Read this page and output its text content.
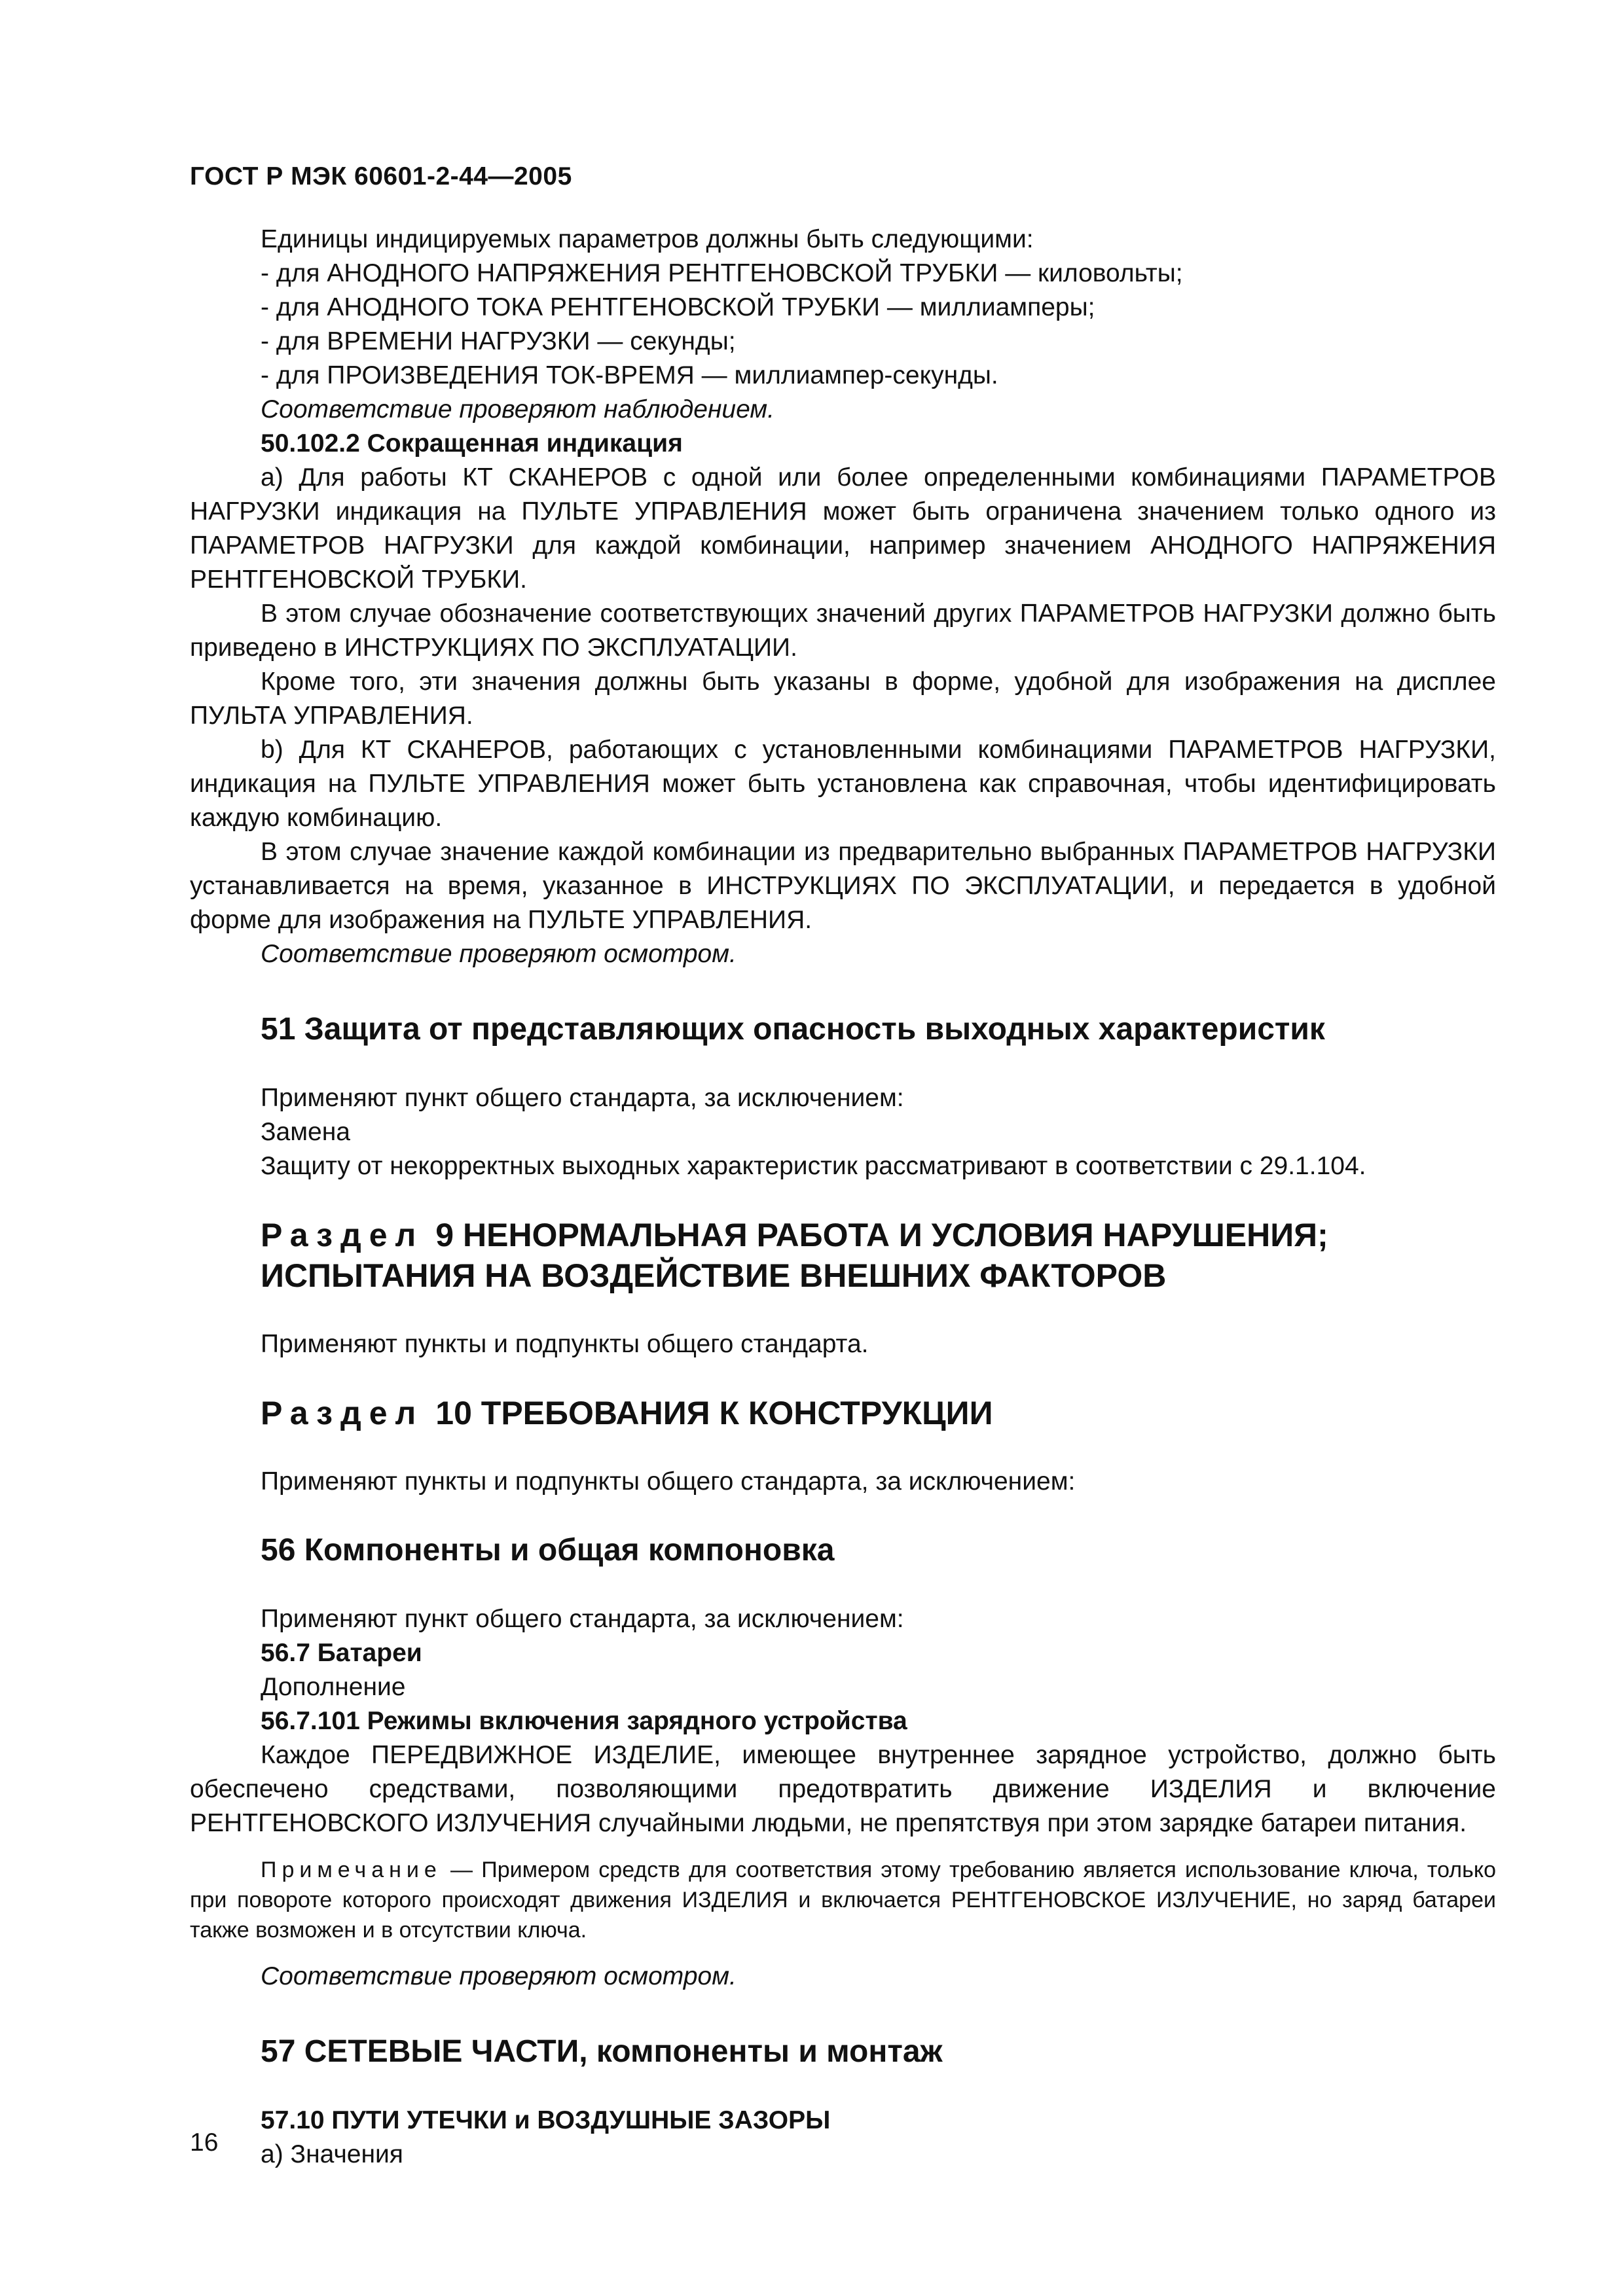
ГОСТ Р МЭК 60601-2-44—2005

Единицы индицируемых параметров должны быть следующими:

- для АНОДНОГО НАПРЯЖЕНИЯ РЕНТГЕНОВСКОЙ ТРУБКИ — киловольты;

- для АНОДНОГО ТОКА РЕНТГЕНОВСКОЙ ТРУБКИ — миллиамперы;

- для ВРЕМЕНИ НАГРУЗКИ — секунды;

- для ПРОИЗВЕДЕНИЯ ТОК-ВРЕМЯ — миллиампер-секунды.

Соответствие проверяют наблюдением.

50.102.2 Сокращенная индикация

а) Для работы КТ СКАНЕРОВ с одной или более определенными комбинациями ПАРАМЕТРОВ НАГРУЗКИ индикация на ПУЛЬТЕ УПРАВЛЕНИЯ может быть ограничена значением только одного из ПАРАМЕТРОВ НАГРУЗКИ для каждой комбинации, например значением АНОДНОГО НАПРЯЖЕНИЯ РЕНТГЕНОВСКОЙ ТРУБКИ.

В этом случае обозначение соответствующих значений других ПАРАМЕТРОВ НАГРУЗКИ должно быть приведено в ИНСТРУКЦИЯХ ПО ЭКСПЛУАТАЦИИ.

Кроме того, эти значения должны быть указаны в форме, удобной для изображения на дисплее ПУЛЬТА УПРАВЛЕНИЯ.

b) Для КТ СКАНЕРОВ, работающих с установленными комбинациями ПАРАМЕТРОВ НАГРУЗКИ, индикация на ПУЛЬТЕ УПРАВЛЕНИЯ может быть установлена как справочная, чтобы идентифицировать каждую комбинацию.

В этом случае значение каждой комбинации из предварительно выбранных ПАРАМЕТРОВ НАГРУЗКИ устанавливается на время, указанное в ИНСТРУКЦИЯХ ПО ЭКСПЛУАТАЦИИ, и передается в удобной форме для изображения на ПУЛЬТЕ УПРАВЛЕНИЯ.

Соответствие проверяют осмотром.

51 Защита от представляющих опасность выходных характеристик

Применяют пункт общего стандарта, за исключением:

Замена

Защиту от некорректных выходных характеристик рассматривают в соответствии с 29.1.104.

Раздел 9 НЕНОРМАЛЬНАЯ РАБОТА И УСЛОВИЯ НАРУШЕНИЯ;

ИСПЫТАНИЯ НА ВОЗДЕЙСТВИЕ ВНЕШНИХ ФАКТОРОВ

Применяют пункты и подпункты общего стандарта.

Раздел 10 ТРЕБОВАНИЯ К КОНСТРУКЦИИ

Применяют пункты и подпункты общего стандарта, за исключением:

56 Компоненты и общая компоновка

Применяют пункт общего стандарта, за исключением:

56.7 Батареи

Дополнение

56.7.101 Режимы включения зарядного устройства

Каждое ПЕРЕДВИЖНОЕ ИЗДЕЛИЕ, имеющее внутреннее зарядное устройство, должно быть обеспечено средствами, позволяющими предотвратить движение ИЗДЕЛИЯ и включение РЕНТГЕНОВСКОГО ИЗЛУЧЕНИЯ случайными людьми, не препятствуя при этом зарядке батареи питания.

Примечание — Примером средств для соответствия этому требованию является использование ключа, только при повороте которого происходят движения ИЗДЕЛИЯ и включается РЕНТГЕНОВСКОЕ ИЗЛУЧЕНИЕ, но заряд батареи также возможен и в отсутствии ключа.

Соответствие проверяют осмотром.

57 СЕТЕВЫЕ ЧАСТИ, компоненты и монтаж

57.10 ПУТИ УТЕЧКИ и ВОЗДУШНЫЕ ЗАЗОРЫ

а) Значения

16
